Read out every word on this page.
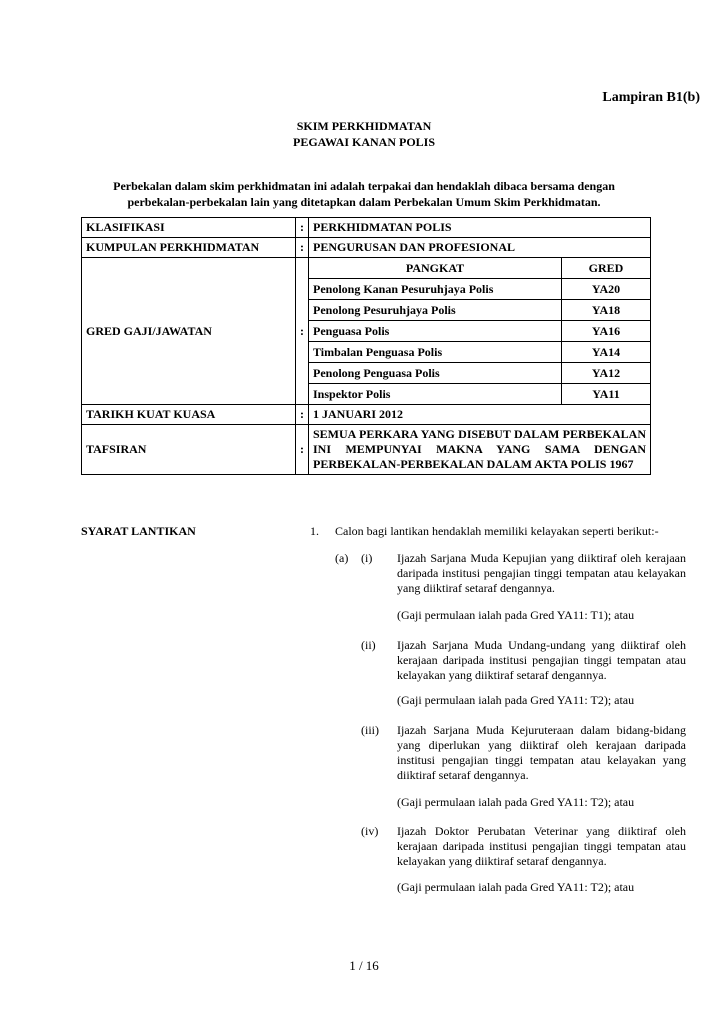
Lampiran B1(b)
SKIM PERKHIDMATAN
PEGAWAI KANAN POLIS
Perbekalan dalam skim perkhidmatan ini adalah terpakai dan hendaklah dibaca bersama dengan perbekalan-perbekalan lain yang ditetapkan dalam Perbekalan Umum Skim Perkhidmatan.
KLASIFIKASI	:	PERKHIDMATAN POLIS
KUMPULAN PERKHIDMATAN	:	PENGURUSAN DAN PROFESIONAL
GRED GAJI/JAWATAN	:	
PANGKAT	GRED
Penolong Kanan Pesuruhjaya Polis	YA20
Penolong Pesuruhjaya Polis	YA18
Penguasa Polis	YA16
Timbalan Penguasa Polis	YA14
Penolong Penguasa Polis	YA12
Inspektor Polis	YA11

TARIKH KUAT KUASA	:	1 JANUARI 2012
TAFSIRAN	:	SEMUA PERKARA YANG DISEBUT DALAM PERBEKALAN INI MEMPUNYAI MAKNA YANG SAMA DENGAN PERBEKALAN-PERBEKALAN DALAM AKTA POLIS 1967
SYARAT LANTIKAN	1. Calon bagi lantikan hendaklah memiliki kelayakan seperti berikut:-
(a) (i) Ijazah Sarjana Muda Kepujian yang diiktiraf oleh kerajaan daripada institusi pengajian tinggi tempatan atau kelayakan yang diiktiraf setaraf dengannya.
(Gaji permulaan ialah pada Gred YA11: T1); atau
(ii) Ijazah Sarjana Muda Undang-undang yang diiktiraf oleh kerajaan daripada institusi pengajian tinggi tempatan atau kelayakan yang diiktiraf setaraf dengannya.
(Gaji permulaan ialah pada Gred YA11: T2); atau
(iii) Ijazah Sarjana Muda Kejuruteraan dalam bidang-bidang yang diperlukan yang diiktiraf oleh kerajaan daripada institusi pengajian tinggi tempatan atau kelayakan yang diiktiraf setaraf dengannya.
(Gaji permulaan ialah pada Gred YA11: T2); atau
(iv) Ijazah Doktor Perubatan Veterinar yang diiktiraf oleh kerajaan daripada institusi pengajian tinggi tempatan atau kelayakan yang diiktiraf setaraf dengannya.
(Gaji permulaan ialah pada Gred YA11: T2); atau
1 / 16
